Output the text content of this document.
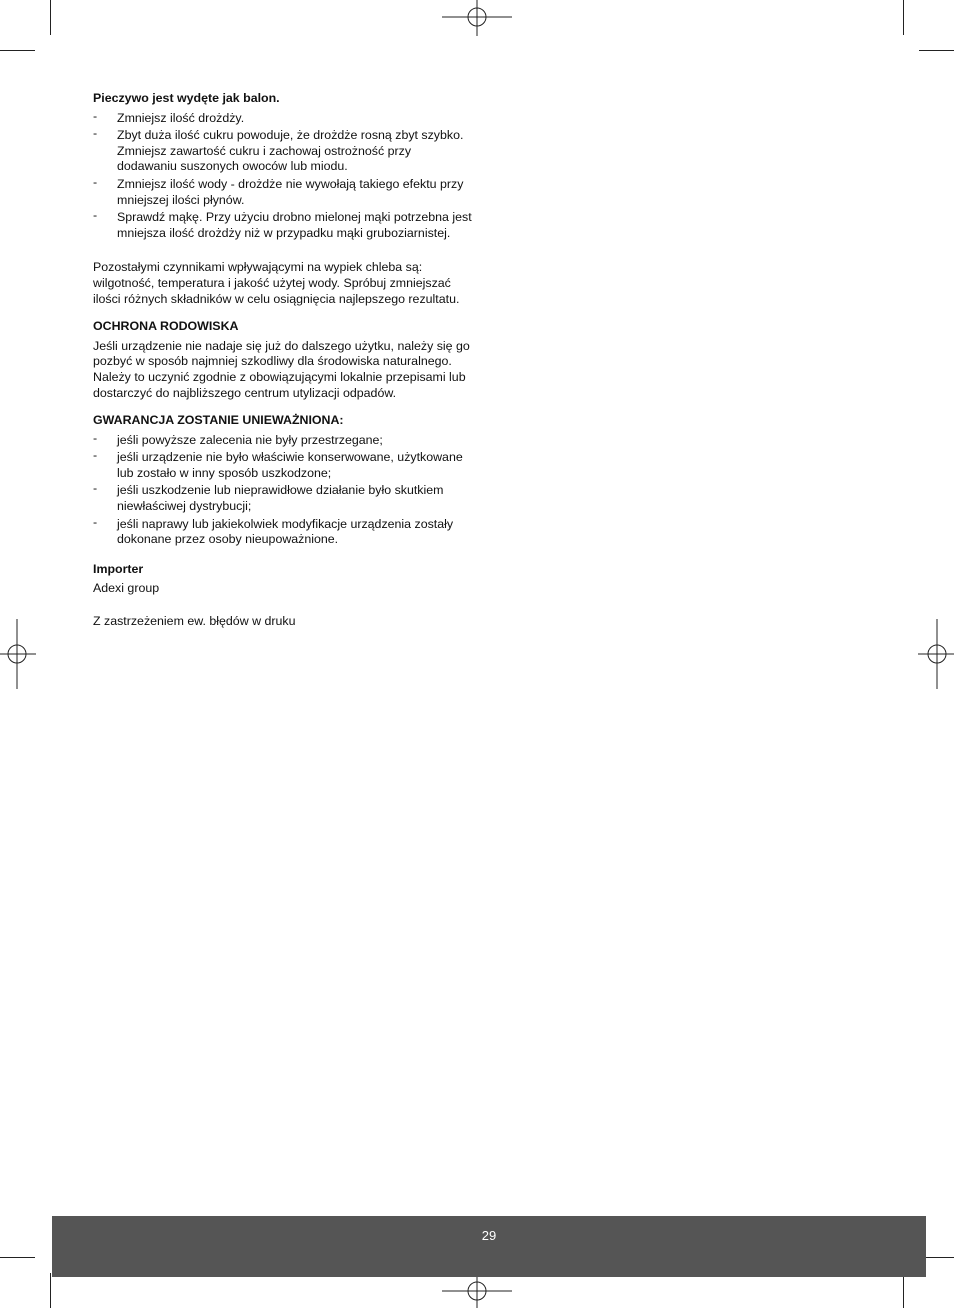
Pieczywo jest wydęte jak balon.

- Zmniejsz ilość drożdży.
- Zbyt duża ilość cukru powoduje, że drożdże rosną zbyt szybko. Zmniejsz zawartość cukru i zachowaj ostrożność przy dodawaniu suszonych owoców lub miodu.
- Zmniejsz ilość wody - drożdże nie wywołają takiego efektu przy mniejszej ilości płynów.
- Sprawdź mąkę. Przy użyciu drobno mielonej mąki potrzebna jest mniejsza ilość drożdży niż w przypadku mąki gruboziarnistej.

Pozostałymi czynnikami wpływającymi na wypiek chleba są: wilgotność, temperatura i jakość użytej wody. Spróbuj zmniejszać ilości różnych składników w celu osiągnięcia najlepszego rezultatu.

OCHRONA RODOWISKA

Jeśli urządzenie nie nadaje się już do dalszego użytku, należy się go pozbyć w sposób najmniej szkodliwy dla środowiska naturalnego. Należy to uczynić zgodnie z obowiązującymi lokalnie przepisami lub dostarczyć do najbliższego centrum utylizacji odpadów.

GWARANCJA ZOSTANIE UNIEWAŻNIONA:

- jeśli powyższe zalecenia nie były przestrzegane;
- jeśli urządzenie nie było właściwie konserwowane, użytkowane lub zostało w inny sposób uszkodzone;
- jeśli uszkodzenie lub nieprawidłowe działanie było skutkiem niewłaściwej dystrybucji;
- jeśli naprawy lub jakiekolwiek modyfikacje urządzenia zostały dokonane przez osoby nieupoważnione.

Importer

Adexi group

Z zastrzeżeniem ew. błędów w druku

29
